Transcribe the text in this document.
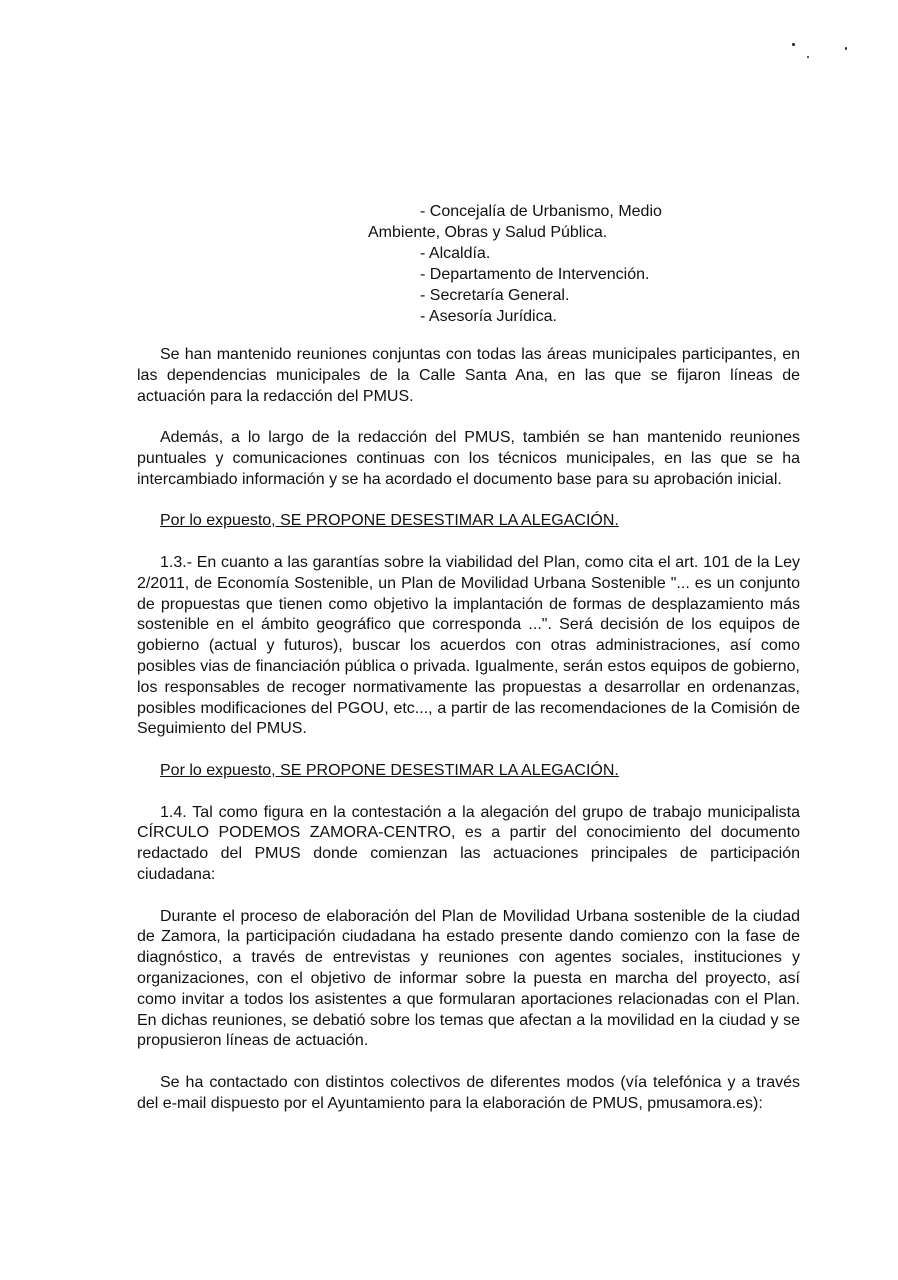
- Concejalía de Urbanismo, Medio
Ambiente, Obras y Salud Pública.
- Alcaldía.
- Departamento de Intervención.
- Secretaría General.
- Asesoría Jurídica.

Se han mantenido reuniones conjuntas con todas las áreas municipales participantes, en las dependencias municipales de la Calle Santa Ana, en las que se fijaron líneas de actuación para la redacción del PMUS.

Además, a lo largo de la redacción del PMUS, también se han mantenido reuniones puntuales y comunicaciones continuas con los técnicos municipales, en las que se ha intercambiado información y se ha acordado el documento base para su aprobación inicial.

Por lo expuesto, SE PROPONE DESESTIMAR LA ALEGACIÓN.

1.3.- En cuanto a las garantías sobre la viabilidad del Plan, como cita el art. 101 de la Ley 2/2011, de Economía Sostenible, un Plan de Movilidad Urbana Sostenible "... es un conjunto de propuestas que tienen como objetivo la implantación de formas de desplazamiento más sostenible en el ámbito geográfico que corresponda ...". Será decisión de los equipos de gobierno (actual y futuros), buscar los acuerdos con otras administraciones, así como posibles vias de financiación pública o privada. Igualmente, serán estos equipos de gobierno, los responsables de recoger normativamente las propuestas a desarrollar en ordenanzas, posibles modificaciones del PGOU, etc..., a partir de las recomendaciones de la Comisión de Seguimiento del PMUS.

Por lo expuesto, SE PROPONE DESESTIMAR LA ALEGACIÓN.

1.4. Tal como figura en la contestación a la alegación del grupo de trabajo municipalista CÍRCULO PODEMOS ZAMORA-CENTRO, es a partir del conocimiento del documento redactado del PMUS donde comienzan las actuaciones principales de participación ciudadana:

Durante el proceso de elaboración del Plan de Movilidad Urbana sostenible de la ciudad de Zamora, la participación ciudadana ha estado presente dando comienzo con la fase de diagnóstico, a través de entrevistas y reuniones con agentes sociales, instituciones y organizaciones, con el objetivo de informar sobre la puesta en marcha del proyecto, así como invitar a todos los asistentes a que formularan aportaciones relacionadas con el Plan. En dichas reuniones, se debatió sobre los temas que afectan a la movilidad en la ciudad y se propusieron líneas de actuación.

Se ha contactado con distintos colectivos de diferentes modos (vía telefónica y a través del e-mail dispuesto por el Ayuntamiento para la elaboración de PMUS, pmusamora.es):
